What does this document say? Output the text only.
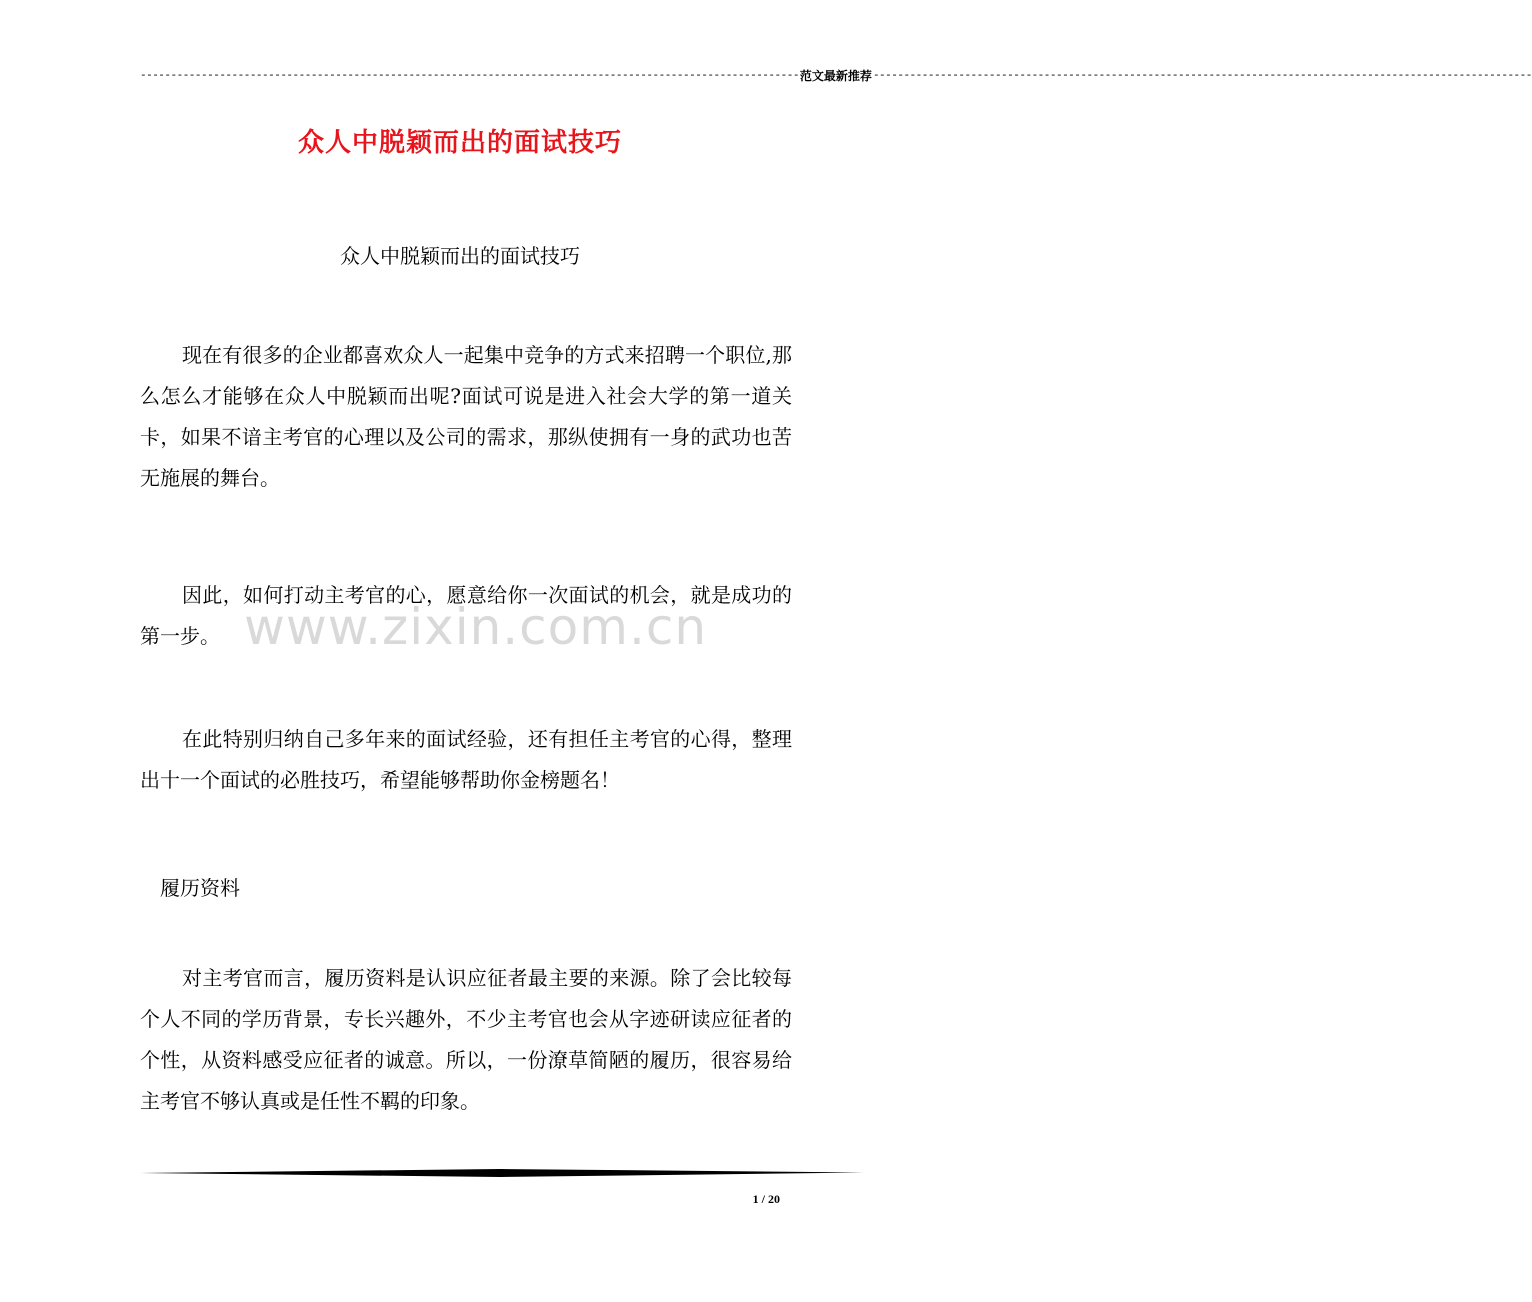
------------------------------------------------------------------------------------------------------------ 范文最新推荐 ------------------------------------------------------------------------------------------------------------
众人中脱颖而出的面试技巧
众人中脱颖而出的面试技巧

现在有很多的企业都喜欢众人一起集中竞争的方式来招聘一个职位,那么怎么才能够在众人中脱颖而出呢?面试可说是进入社会大学的第一道关卡，如果不谙主考官的心理以及公司的需求，那纵使拥有一身的武功也苦无施展的舞台。

因此，如何打动主考官的心，愿意给你一次面试的机会，就是成功的第一步。

在此特别归纳自己多年来的面试经验，还有担任主考官的心得，整理出十一个面试的必胜技巧，希望能够帮助你金榜题名！

履历资料

对主考官而言，履历资料是认识应征者最主要的来源。除了会比较每个人不同的学历背景，专长兴趣外，不少主考官也会从字迹研读应征者的个性，从资料感受应征者的诚意。所以，一份潦草简陋的履历，很容易给主考官不够认真或是任性不羁的印象。

www.zixin.com.cn
1 / 20
